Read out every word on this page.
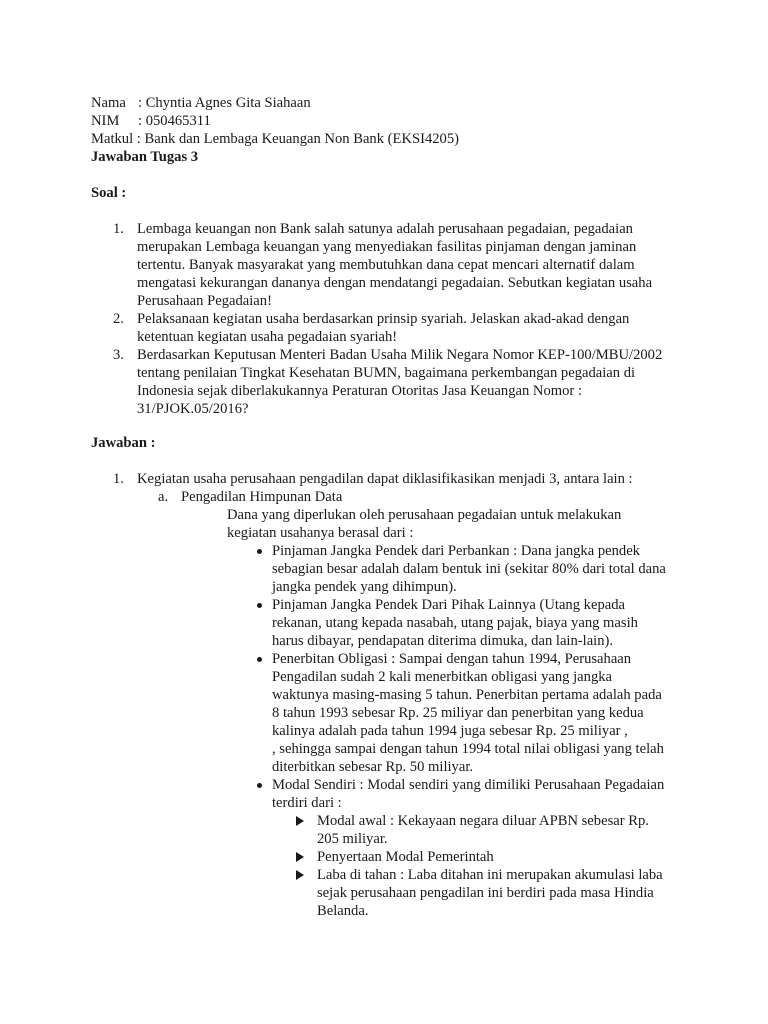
Nama : Chyntia Agnes Gita Siahaan
NIM : 050465311
Matkul : Bank dan Lembaga Keuangan Non Bank (EKSI4205)
Jawaban Tugas 3
Soal :
1. Lembaga keuangan non Bank salah satunya adalah perusahaan pegadaian, pegadaian
merupakan Lembaga keuangan yang menyediakan fasilitas pinjaman dengan jaminan
tertentu. Banyak masyarakat yang membutuhkan dana cepat mencari alternatif dalam
mengatasi kekurangan dananya dengan mendatangi pegadaian. Sebutkan kegiatan usaha
Perusahaan Pegadaian!
2. Pelaksanaan kegiatan usaha berdasarkan prinsip syariah. Jelaskan akad-akad dengan
ketentuan kegiatan usaha pegadaian syariah!
3. Berdasarkan Keputusan Menteri Badan Usaha Milik Negara Nomor KEP-100/MBU/2002
tentang penilaian Tingkat Kesehatan BUMN, bagaimana perkembangan pegadaian di
Indonesia sejak diberlakukannya Peraturan Otoritas Jasa Keuangan Nomor :
31/PJOK.05/2016?
Jawaban :
1. Kegiatan usaha perusahaan pengadilan dapat diklasifikasikan menjadi 3, antara lain :
a. Pengadilan Himpunan Data
Dana yang diperlukan oleh perusahaan pegadaian untuk melakukan
kegiatan usahanya berasal dari :
Pinjaman Jangka Pendek dari Perbankan : Dana jangka pendek
sebagian besar adalah dalam bentuk ini (sekitar 80% dari total dana
jangka pendek yang dihimpun).
Pinjaman Jangka Pendek Dari Pihak Lainnya (Utang kepada
rekanan, utang kepada nasabah, utang pajak, biaya yang masih
harus dibayar, pendapatan diterima dimuka, dan lain-lain).
Penerbitan Obligasi : Sampai dengan tahun 1994, Perusahaan
Pengadilan sudah 2 kali menerbitkan obligasi yang jangka
waktunya masing-masing 5 tahun. Penerbitan pertama adalah pada
8 tahun 1993 sebesar Rp. 25 miliyar dan penerbitan yang kedua
kalinya adalah pada tahun 1994 juga sebesar Rp. 25 miliyar ,
, sehingga sampai dengan tahun 1994 total nilai obligasi yang telah
diterbitkan sebesar Rp. 50 miliyar.
Modal Sendiri : Modal sendiri yang dimiliki Perusahaan Pegadaian
terdiri dari :
Modal awal : Kekayaan negara diluar APBN sebesar Rp.
205 miliyar.
Penyertaan Modal Pemerintah
Laba di tahan : Laba ditahan ini merupakan akumulasi laba
sejak perusahaan pengadilan ini berdiri pada masa Hindia
Belanda.
